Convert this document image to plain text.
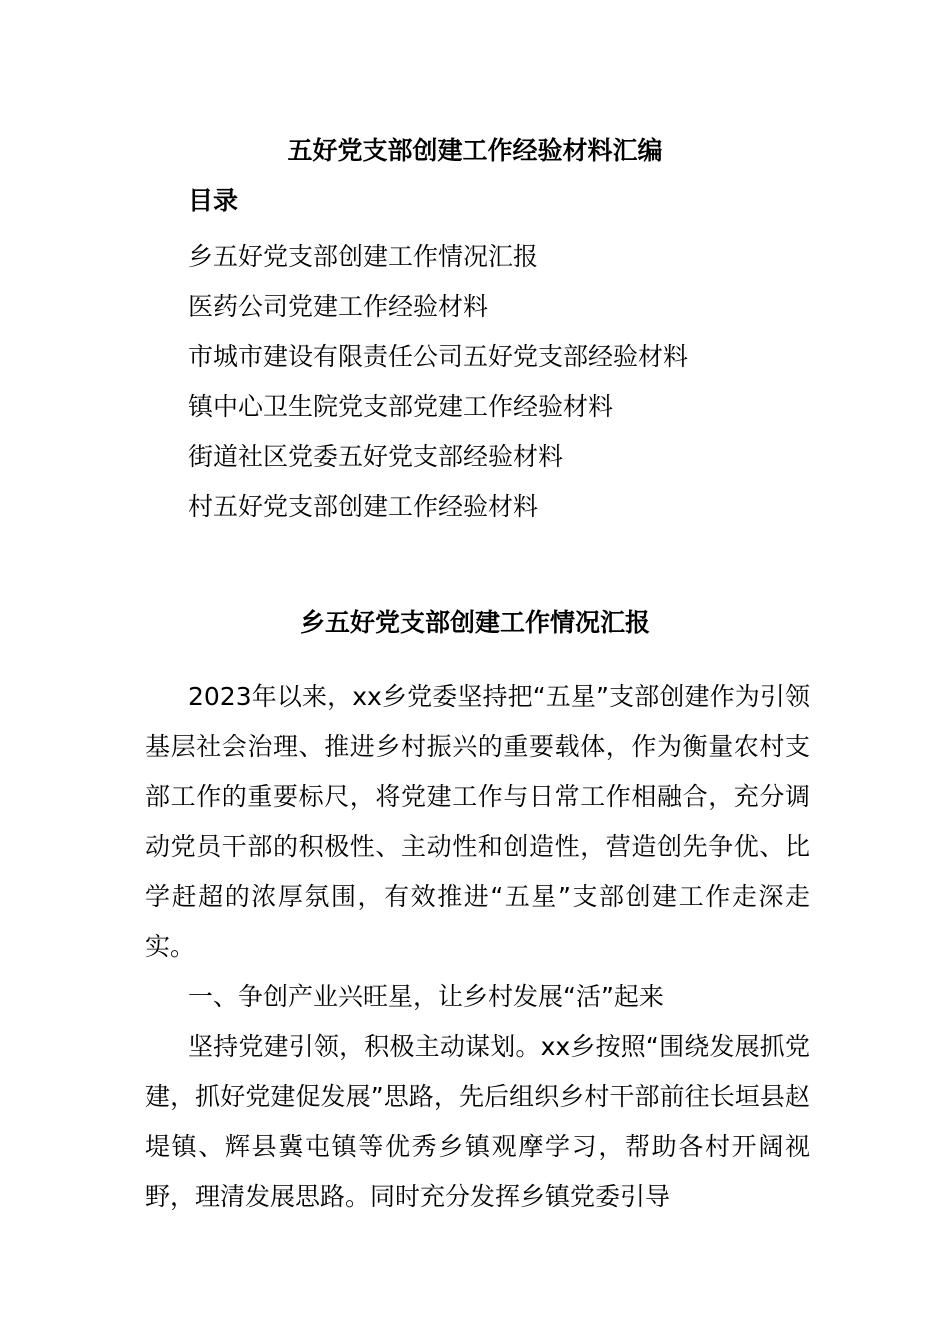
五好党支部创建工作经验材料汇编
目录
乡五好党支部创建工作情况汇报
医药公司党建工作经验材料
市城市建设有限责任公司五好党支部经验材料
镇中心卫生院党支部党建工作经验材料
街道社区党委五好党支部经验材料
村五好党支部创建工作经验材料
乡五好党支部创建工作情况汇报

2023年以来，xx乡党委坚持把“五星”支部创建作为引领基层社会治理、推进乡村振兴的重要载体，作为衡量农村支部工作的重要标尺，将党建工作与日常工作相融合，充分调动党员干部的积极性、主动性和创造性，营造创先争优、比学赶超的浓厚氛围，有效推进“五星”支部创建工作走深走实。

一、争创产业兴旺星，让乡村发展“活”起来

坚持党建引领，积极主动谋划。xx乡按照“围绕发展抓党建，抓好党建促发展”思路，先后组织乡村干部前往长垣县赵堤镇、辉县冀屯镇等优秀乡镇观摩学习，帮助各村开阔视野，理清发展思路。同时充分发挥乡镇党委引导
